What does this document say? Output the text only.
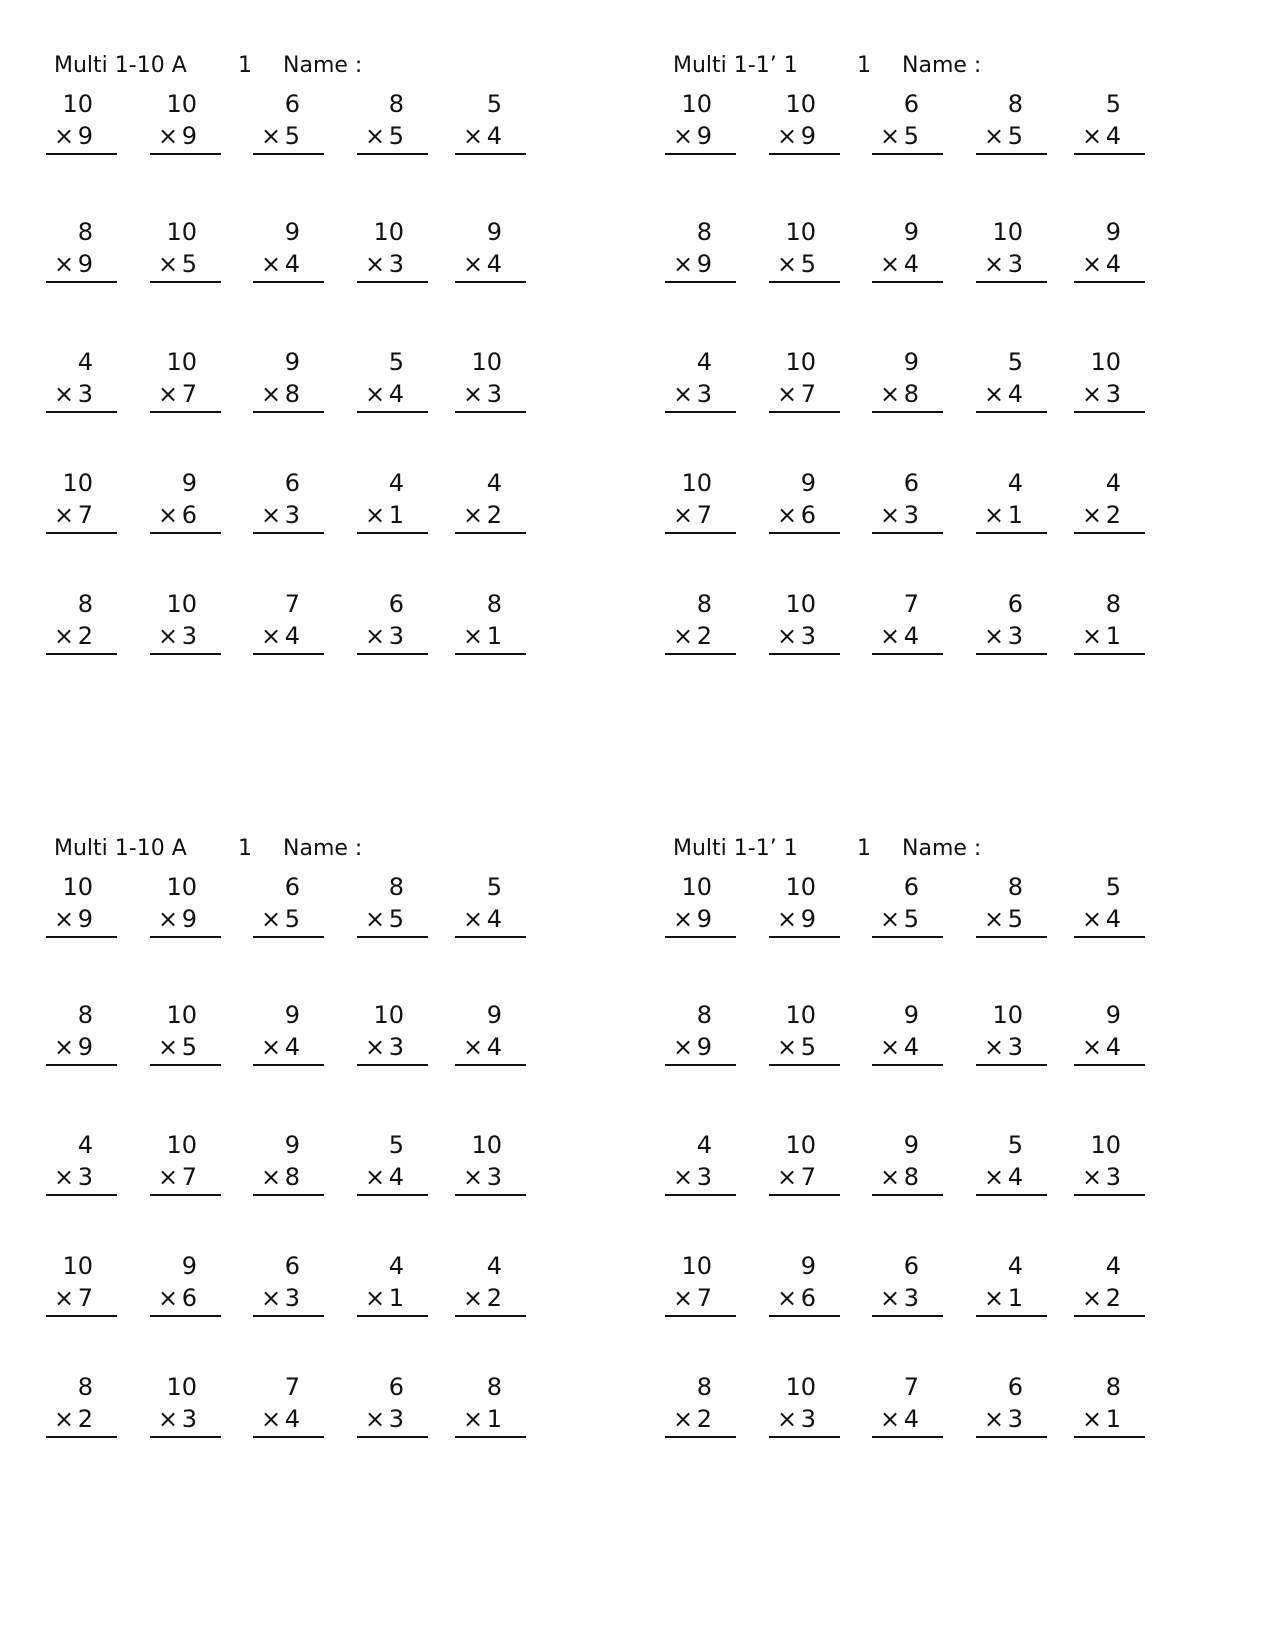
Multi 1-10 A 1 Name :
10
× 9
10
× 9
6
× 5
8
× 5
5
× 4
8
× 9
10
× 5
9
× 4
10
× 3
9
× 4
4
× 3
10
× 7
9
× 8
5
× 4
10
× 3
10
× 7
9
× 6
6
× 3
4
× 1
4
× 2
8
× 2
10
× 3
7
× 4
6
× 3
8
× 1
Multi 1-1’ 1	1 Name :
10
× 9
10
× 9
6
× 5
8
× 5
5
× 4
8
× 9
10
× 5
9
× 4
10
× 3
9
× 4
4
× 3
10
× 7
9
× 8
5
× 4
10
× 3
10
× 7
9
× 6
6
× 3
4
× 1
4
× 2
8
× 2
10
× 3
7
× 4
6
× 3
8
× 1
Multi 1-10 A 1 Name :
10
× 9
10
× 9
6
× 5
8
× 5
5
× 4
8
× 9
10
× 5
9
× 4
10
× 3
9
× 4
4
× 3
10
× 7
9
× 8
5
× 4
10
× 3
10
× 7
9
× 6
6
× 3
4
× 1
4
× 2
8
× 2
10
× 3
7
× 4
6
× 3
8
× 1
Multi 1-1’ 1	1 Name :
10
× 9
10
× 9
6
× 5
8
× 5
5
× 4
8
× 9
10
× 5
9
× 4
10
× 3
9
× 4
4
× 3
10
× 7
9
× 8
5
× 4
10
× 3
10
× 7
9
× 6
6
× 3
4
× 1
4
× 2
8
× 2
10
× 3
7
× 4
6
× 3
8
× 1
